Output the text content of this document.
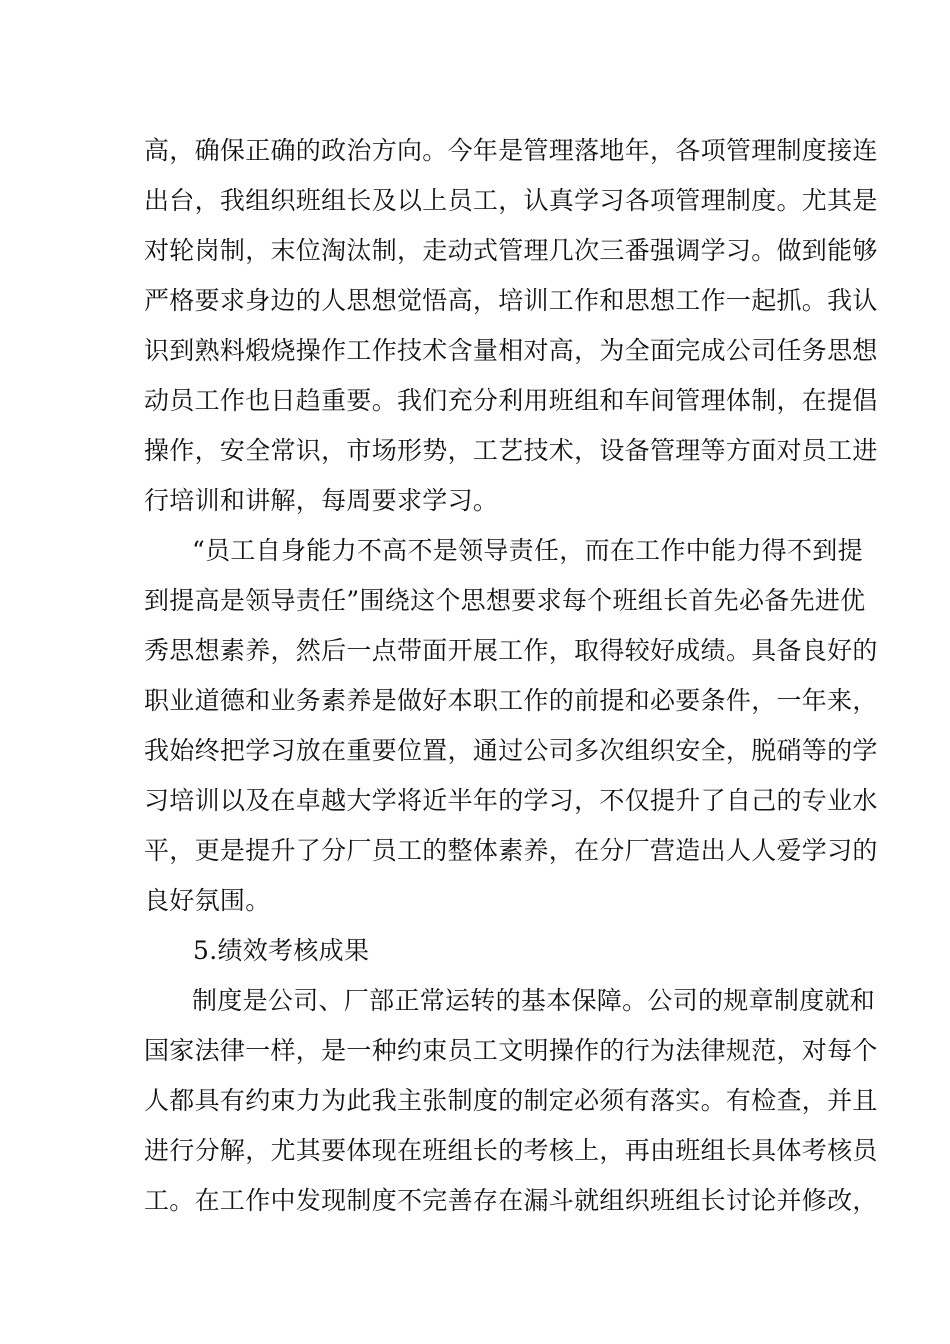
高，确保正确的政治方向。今年是管理落地年，各项管理制度接连
出台，我组织班组长及以上员工，认真学习各项管理制度。尤其是
对轮岗制，末位淘汰制，走动式管理几次三番强调学习。做到能够
严格要求身边的人思想觉悟高，培训工作和思想工作一起抓。我认
识到熟料煅烧操作工作技术含量相对高，为全面完成公司任务思想
动员工作也日趋重要。我们充分利用班组和车间管理体制，在提倡
操作，安全常识，市场形势，工艺技术，设备管理等方面对员工进
行培训和讲解，每周要求学习。
“员工自身能力不高不是领导责任，而在工作中能力得不到提
到提高是领导责任”围绕这个思想要求每个班组长首先必备先进优
秀思想素养，然后一点带面开展工作，取得较好成绩。具备良好的
职业道德和业务素养是做好本职工作的前提和必要条件，一年来，
我始终把学习放在重要位置，通过公司多次组织安全，脱硝等的学
习培训以及在卓越大学将近半年的学习，不仅提升了自己的专业水
平，更是提升了分厂员工的整体素养，在分厂营造出人人爱学习的
良好氛围。
5.绩效考核成果
制度是公司、厂部正常运转的基本保障。公司的规章制度就和
国家法律一样，是一种约束员工文明操作的行为法律规范，对每个
人都具有约束力为此我主张制度的制定必须有落实。有检查，并且
进行分解，尤其要体现在班组长的考核上，再由班组长具体考核员
工。在工作中发现制度不完善存在漏斗就组织班组长讨论并修改，
